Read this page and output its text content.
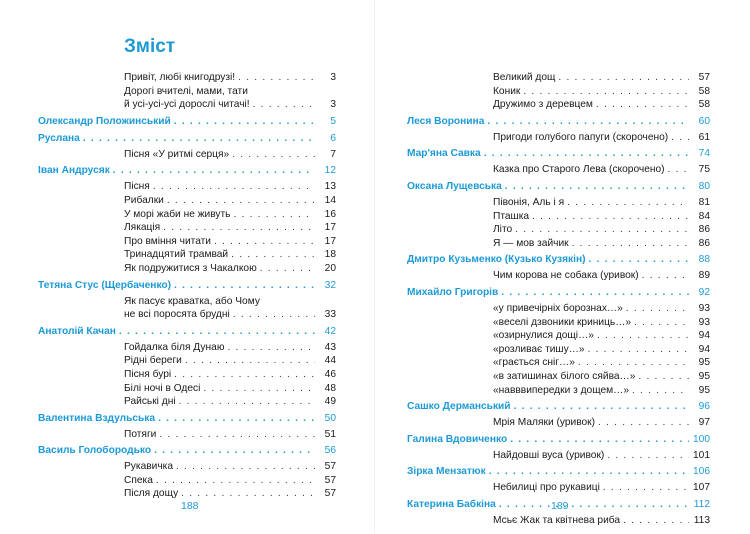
Зміст
Привіт, любі книгодрузі! . . .	3
Дорогі вчителі, мами, тати
й усі-усі-усі дорослі читачі! . . .	3
Олександр Положинський . . .	5
Руслана . . .	6
Пісня «У ритмі серця» . . .	7
Іван Андрусяк . . .	12
Пісня . . .	13
Рибалки . . .	14
У морі жаби не живуть . . .	16
Лякація . . .	17
Про вміння читати . . .	17
Тринадцятий трамвай . . .	18
Як подружитися з Чакалкою . . .	20
Тетяна Стус (Щербаченко) . . .	32
Як пасує краватка, або Чому
не всі поросята брудні . . .	33
Анатолій Качан . . .	42
Гойдалка біля Дунаю . . .	43
Рідні береги . . .	44
Пісня бурі . . .	46
Білі ночі в Одесі . . .	48
Райські дні . . .	49
Валентина Вздульська . . .	50
Потяги . . .	51
Василь Голобородько . . .	56
Рукавичка . . .	57
Спека . . .	57
Після дощу . . .	57
Великий дощ . . .	57
Коник . . .	58
Дружимо з деревцем . . .	58
Леся Воронина . . .	60
Пригоди голубого папуги (скорочено) . . .	61
Мар'яна Савка . . .	74
Казка про Старого Лева (скорочено) . . .	75
Оксана Лущевська . . .	80
Півонія, Аль і я . . .	81
Пташка . . .	84
Літо . . .	86
Я — мов зайчик . . .	86
Дмитро Кузьменко (Кузько Кузякін) . . .	88
Чим корова не собака (уривок) . . .	89
Михайло Григорів . . .	92
«у привечірніх борознах…» . . .	93
«веселі дзвоники криниць…» . . .	93
«озирнулися дощі…» . . .	94
«розливає тишу…» . . .	94
«грається сніг…» . . .	95
«в затишинах білого сяйва…» . . .	95
«навввипередки з дощем…» . . .	95
Сашко Дерманський . . .	96
Мрія Маляки (уривок) . . .	97
Галина Вдовиченко . . .	100
Найдовші вуса (уривок) . . .	101
Зірка Мензатюк . . .	106
Небилиці про рукавиці . . .	107
Катерина Бабкіна . . .	112
Мсьє Жак та квітнева риба . . .	113
188	189
